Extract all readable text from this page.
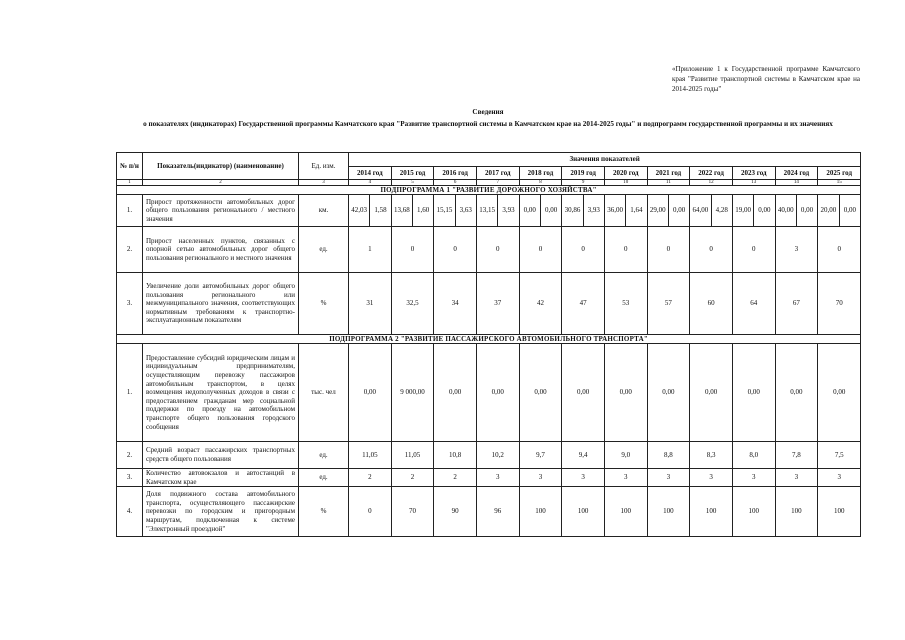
«Приложение 1 к Государственной программе Камчатского края "Развитие транспортной системы в Камчатском крае на 2014-2025 годы"
Сведения
о показателях (индикаторах) Государственной программы Камчатского края "Развитие транспортной системы в Камчатском крае на 2014-2025 годы" и подпрограмм государственной программы и их значениях
№ п/н	Показатель(индикатор) (наименование)	Ед. изм.	Значения показателей																							
			2014 год		2015 год		2016 год		2017 год		2018 год		2019 год		2020 год		2021 год		2022 год		2023 год		2024 год		2025 год	
1	2	3	4		5		6		7		8		9		10		11		12		13		14		15	
ПОДПРОГРАММА 1 "РАЗВИТИЕ ДОРОЖНОГО ХОЗЯЙСТВА"																										
1.	Прирост протяженности автомобильных дорог общего пользования регионального / местного значения	км.	42,03	1,58	13,68	1,60	15,15	3,63	13,15	3,93	0,00	0,00	30,86	3,93	36,00	1,64	29,00	0,00	64,00	4,28	19,00	0,00	40,00	0,00	20,00	0,00
2.	Прирост населенных пунктов, связанных с опорной сетью автомобильных дорог общего пользования регионального и местного значения	ед.	1		0		0		0		0		0		0		0		0		0		3		0	
3.	Увеличение доли автомобильных дорог общего пользования регионального или межмуниципального значения, соответствующих нормативным требованиям к транспортно-эксплуатационным показателям	%	31		32,5		34		37		42		47		53		57		60		64		67		70	
ПОДПРОГРАММА 2 "РАЗВИТИЕ ПАССАЖИРСКОГО АВТОМОБИЛЬНОГО ТРАНСПОРТА"																										
1.	Предоставление субсидий юридическим лицам и индивидуальным предпринимателям, осуществляющим перевозку пассажиров автомобильным транспортом, в целях возмещения недополученных доходов в связи с предоставлением гражданам мер социальной поддержки по проезду на автомобильном транспорте общего пользования городского сообщения	тыс. чел	0,00		9 000,00		0,00		0,00		0,00		0,00		0,00		0,00		0,00		0,00		0,00		0,00	
2.	Средний возраст пассажирских транспортных средств общего пользования	ед.	11,05		11,05		10,8		10,2		9,7		9,4		9,0		8,8		8,3		8,0		7,8		7,5	
3.	Количество автовокзалов и автостанций в Камчатском крае	ед.	2		2		2		3		3		3		3		3		3		3		3		3	
4.	Доля подвижного состава автомобильного транспорта, осуществляющего пассажирские перевозки по городским и пригородным маршрутам, подключенная к системе "Электронный проездной"	%	0		70		90		96		100		100		100		100		100		100		100		100	
